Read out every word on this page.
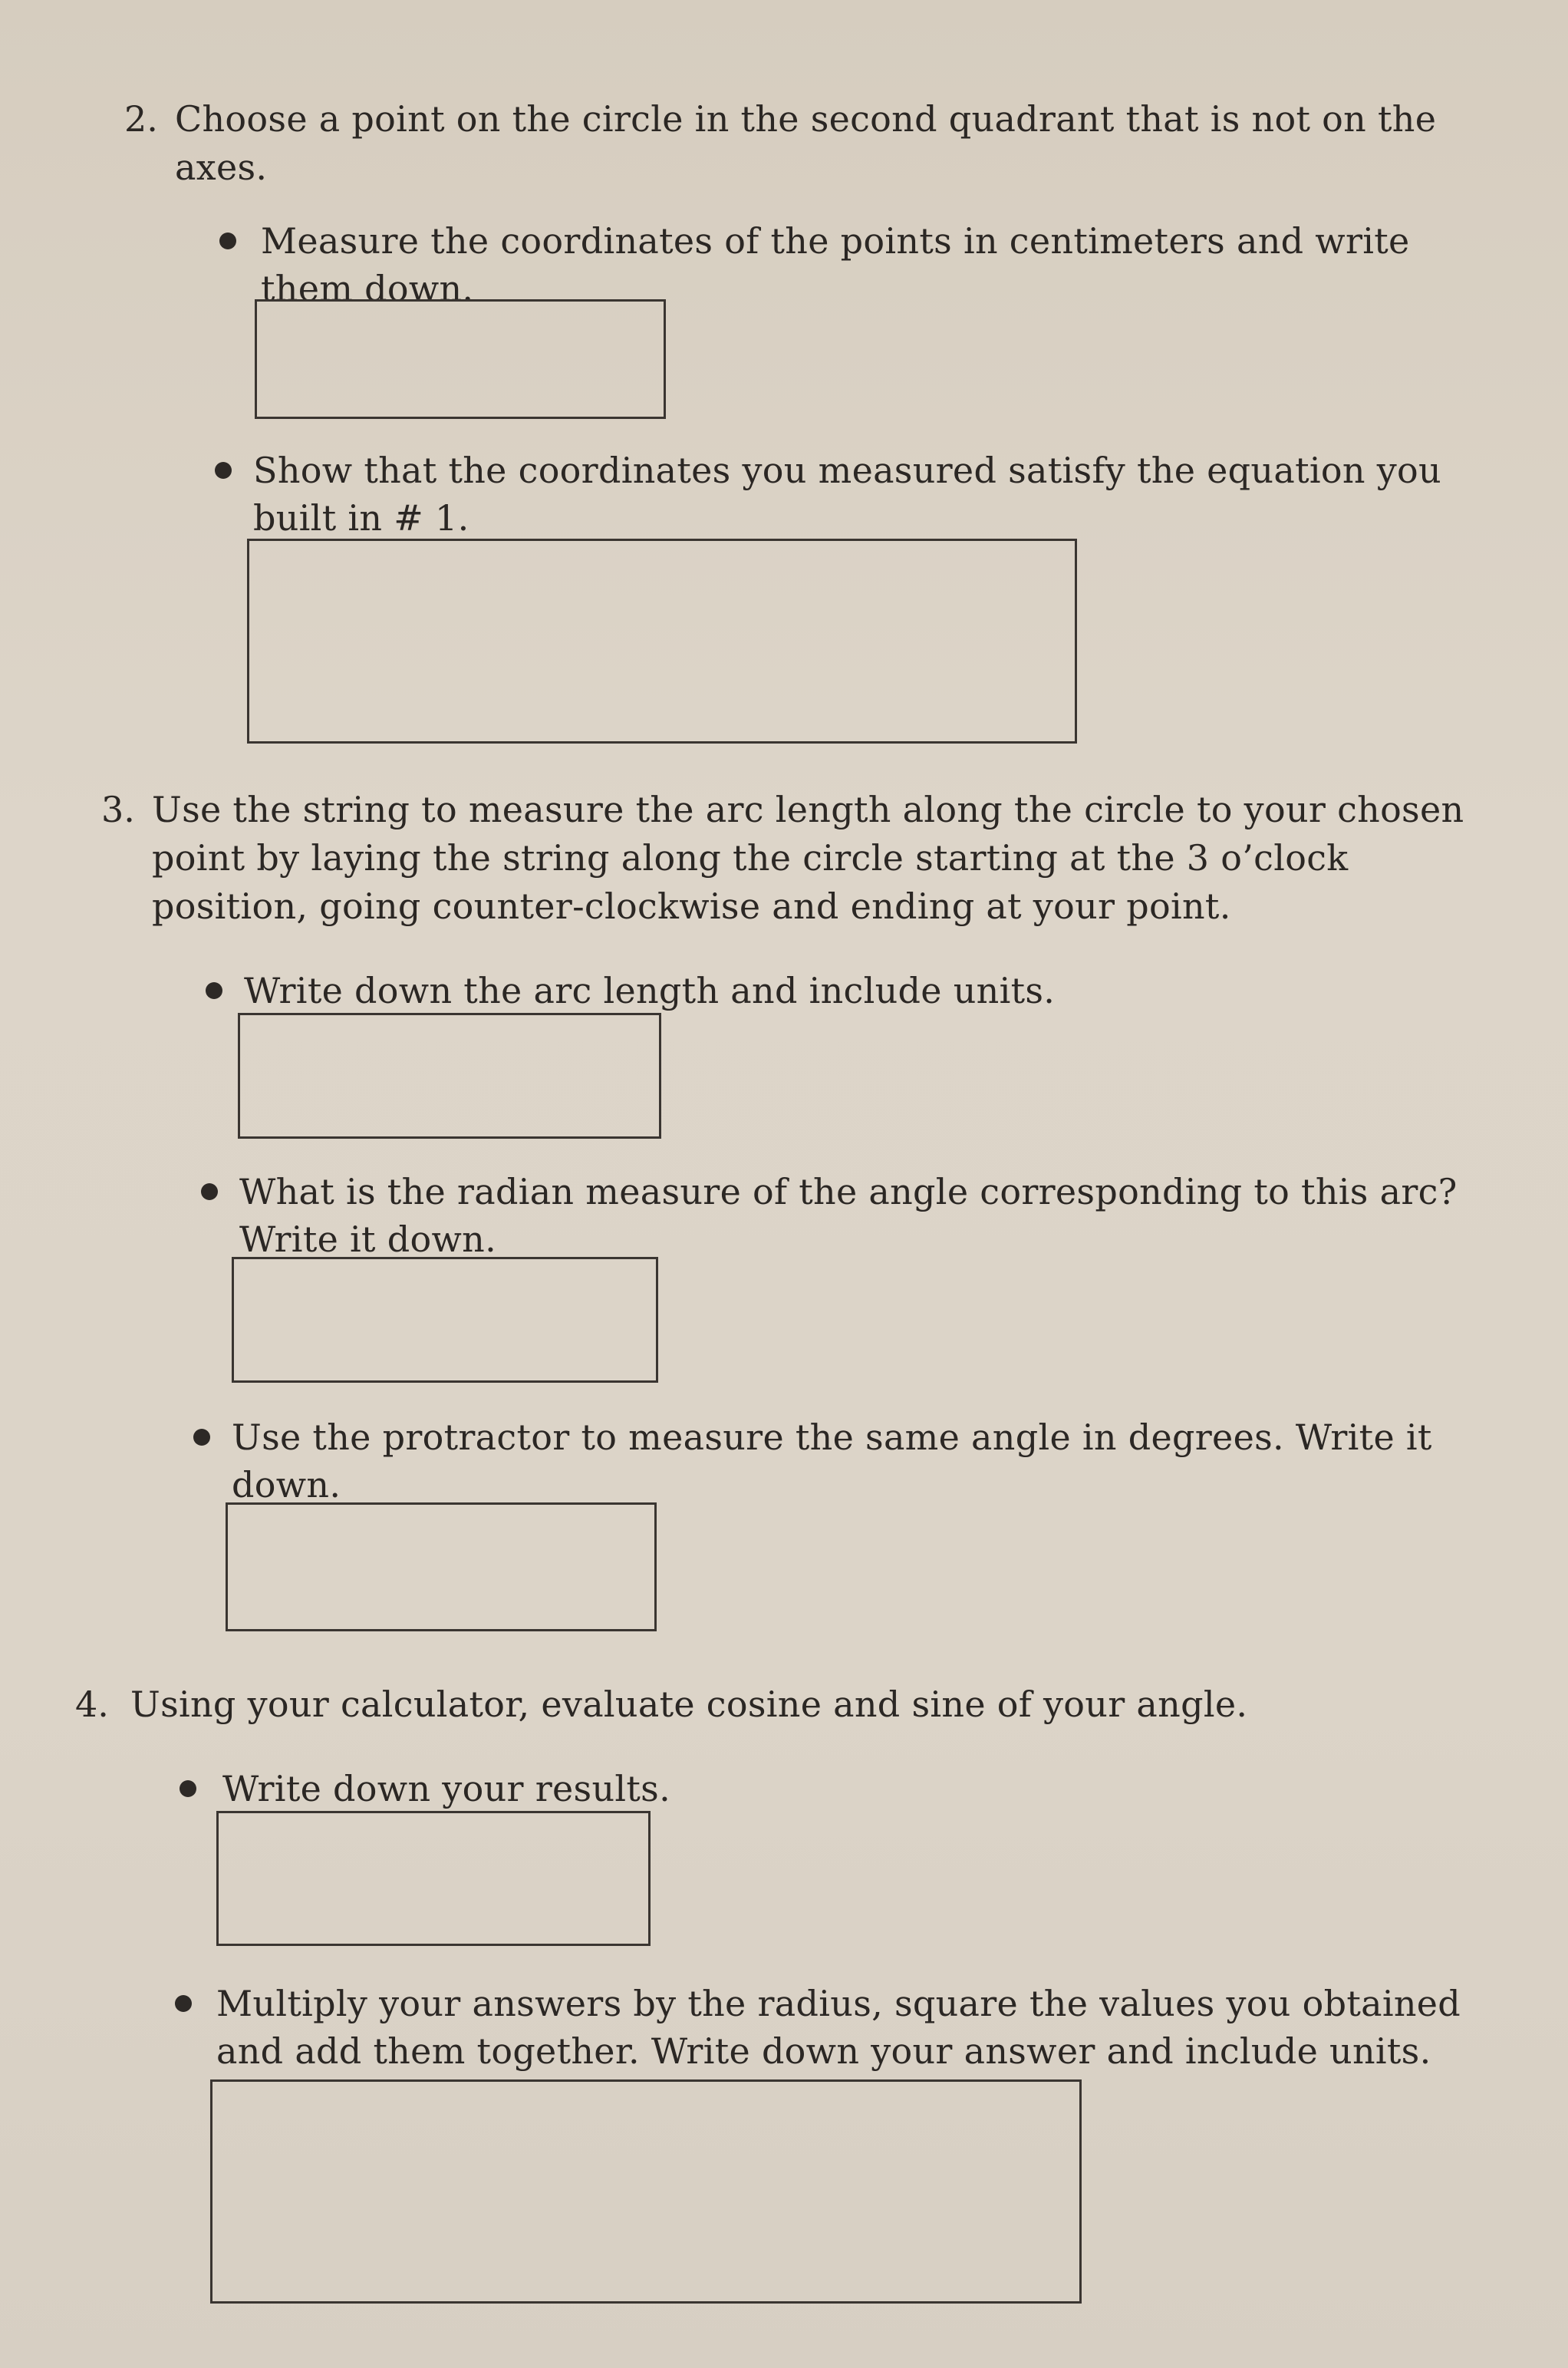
2. Choose a point on the circle in the second quadrant that is not on the axes.
Measure the coordinates of the points in centimeters and write them down.
Show that the coordinates you measured satisfy the equation you built in # 1.
3. Use the string to measure the arc length along the circle to your chosen point by laying the string along the circle starting at the 3 o’clock position, going counter-clockwise and ending at your point.
Write down the arc length and include units.
What is the radian measure of the angle corresponding to this arc? Write it down.
Use the protractor to measure the same angle in degrees. Write it down.
4. Using your calculator, evaluate cosine and sine of your angle.
Write down your results.
Multiply your answers by the radius, square the values you obtained and add them together. Write down your answer and include units.
